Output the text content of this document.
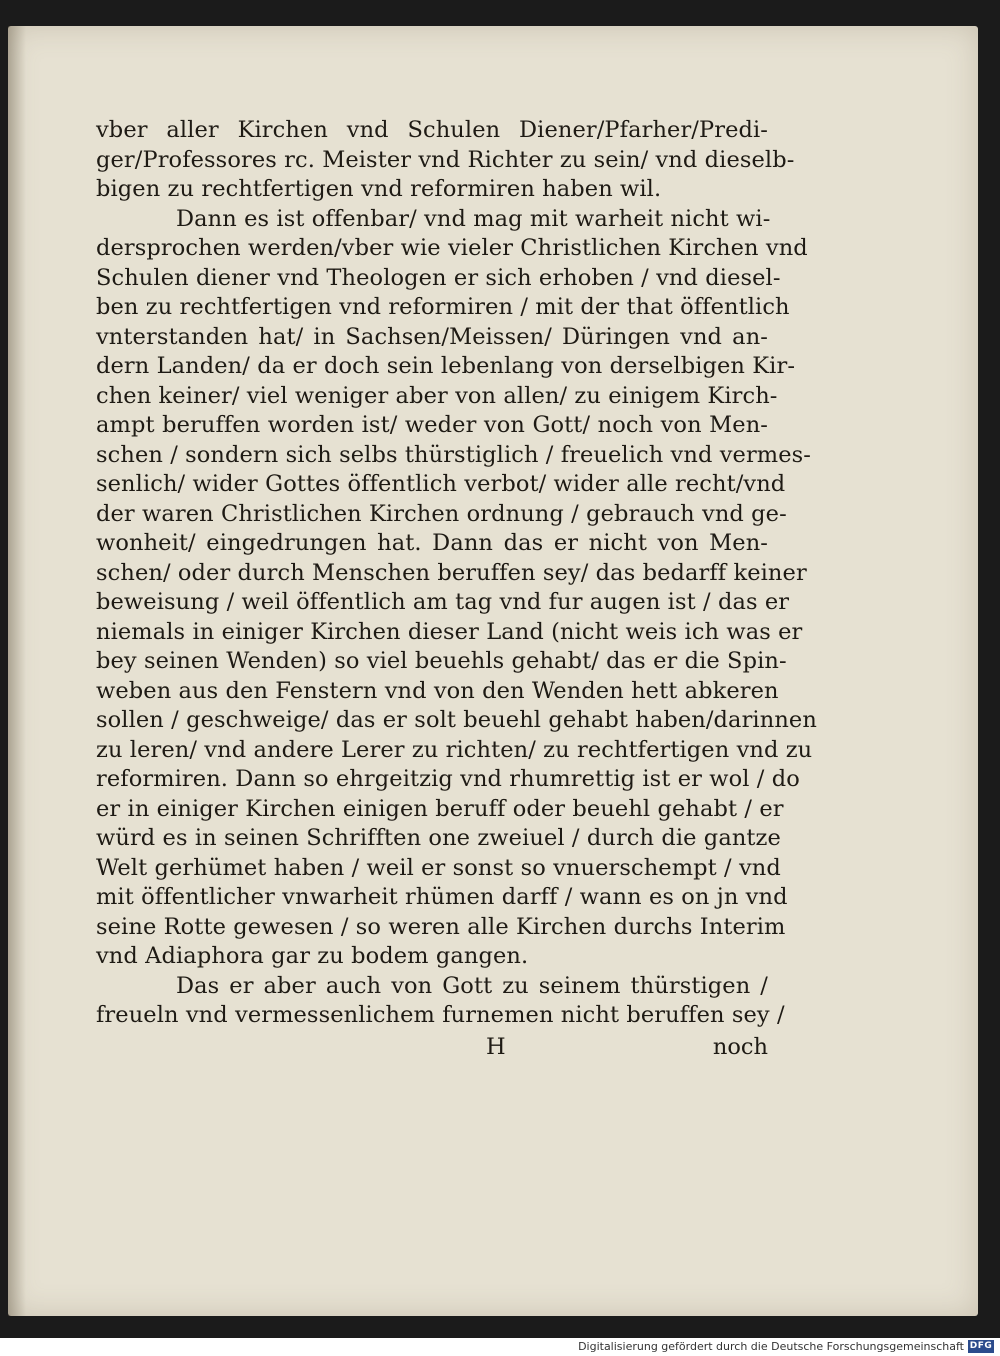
vber aller Kirchen vnd Schulen Diener/Pfarher/Predi-
ger/Professores rc. Meister vnd Richter zu sein/ vnd dieselb-
bigen zu rechtfertigen vnd reformiren haben wil.
Dann es ist offenbar/ vnd mag mit warheit nicht wi-
dersprochen werden/vber wie vieler Christlichen Kirchen vnd
Schulen diener vnd Theologen er sich erhoben / vnd diesel-
ben zu rechtfertigen vnd reformiren / mit der that öffentlich
vnterstanden hat/ in Sachsen/Meissen/ Düringen vnd an-
dern Landen/ da er doch sein lebenlang von derselbigen Kir-
chen keiner/ viel weniger aber von allen/ zu einigem Kirch-
ampt beruffen worden ist/ weder von Gott/ noch von Men-
schen / sondern sich selbs thürstiglich / freuelich vnd vermes-
senlich/ wider Gottes öffentlich verbot/ wider alle recht/vnd
der waren Christlichen Kirchen ordnung / gebrauch vnd ge-
wonheit/ eingedrungen hat. Dann das er nicht von Men-
schen/ oder durch Menschen beruffen sey/ das bedarff keiner
beweisung / weil öffentlich am tag vnd fur augen ist / das er
niemals in einiger Kirchen dieser Land (nicht weis ich was er
bey seinen Wenden) so viel beuehls gehabt/ das er die Spin-
weben aus den Fenstern vnd von den Wenden hett abkeren
sollen / geschweige/ das er solt beuehl gehabt haben/darinnen
zu leren/ vnd andere Lerer zu richten/ zu rechtfertigen vnd zu
reformiren. Dann so ehrgeitzig vnd rhumrettig ist er wol / do
er in einiger Kirchen einigen beruff oder beuehl gehabt / er
würd es in seinen Schrifften one zweiuel / durch die gantze
Welt gerhümet haben / weil er sonst so vnuerschempt / vnd
mit öffentlicher vnwarheit rhümen darff / wann es on jn vnd
seine Rotte gewesen / so weren alle Kirchen durchs Interim
vnd Adiaphora gar zu bodem gangen.
Das er aber auch von Gott zu seinem thürstigen /
freueln vnd vermessenlichem furnemen nicht beruffen sey /
H	noch
Digitalisierung gefördert durch die Deutsche Forschungsgemeinschaft DFG
